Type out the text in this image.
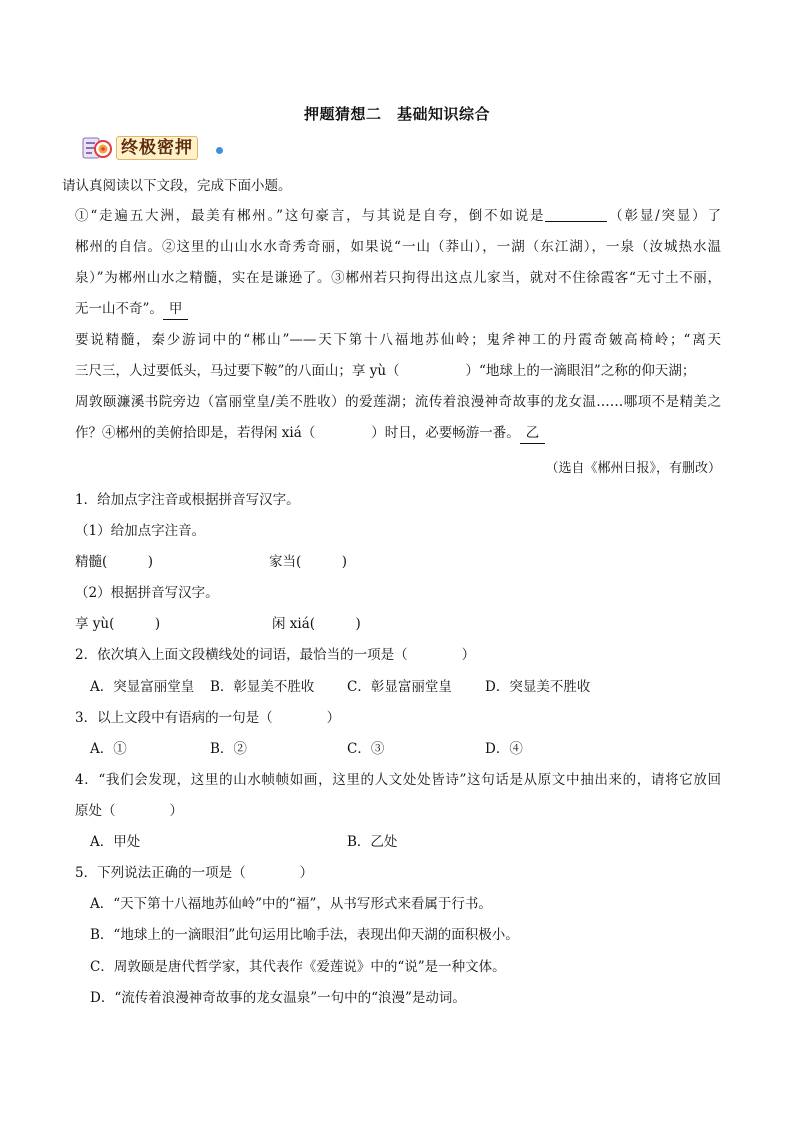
押题猜想二　基础知识综合
终极密押
请认真阅读以下文段，完成下面小题。
①“走遍五大洲，最美有郴州。”这句豪言，与其说是自夸，倒不如说是	（彰显/突显）了
郴州的自信。②这里的山山水水奇秀奇丽，如果说“一山（莽山），一湖（东江湖），一泉（汝城热水温
泉）”为郴州山水之精髓，实在是谦逊了。③郴州若只拘得出这点儿家当，就对不住徐霞客“无寸土不丽，
无一山不奇”。 甲
要说精髓，秦少游词中的“郴山”——天下第十八福地苏仙岭；鬼斧神工的丹霞奇皴高椅岭；“离天
三尺三，人过要低头，马过要下鞍”的八面山；享 yù（	）“地球上的一滴眼泪”之称的仰天湖；
周敦颐濂溪书院旁边（富丽堂皇/美不胜收）的爱莲湖；流传着浪漫神奇故事的龙女温……哪项不是精美之
作？④郴州的美俯拾即是，若得闲 xiá（	）时日，必要畅游一番。 乙
（选自《郴州日报》，有删改）
1．给加点字注音或根据拼音写汉字。
（1）给加点字注音。
精髓(　　　)	家当(　　　)
（2）根据拼音写汉字。
享 yù(　　　)	闲 xiá(　　　)
2．依次填入上面文段横线处的词语，最恰当的一项是（　　　　）
A．突显富丽堂皇 B．彰显美不胜收 C．彰显富丽堂皇 D．突显美不胜收
3．以上文段中有语病的一句是（　　　　）
A．①	B．②	C．③	D．④
4．“我们会发现，这里的山水帧帧如画，这里的人文处处皆诗”这句话是从原文中抽出来的，请将它放回
原处（　　　　）
A．甲处	B．乙处
5．下列说法正确的一项是（　　　　）
A．“天下第十八福地苏仙岭”中的“福”，从书写形式来看属于行书。
B．“地球上的一滴眼泪”此句运用比喻手法，表现出仰天湖的面积极小。
C．周敦颐是唐代哲学家，其代表作《爱莲说》中的“说”是一种文体。
D．“流传着浪漫神奇故事的龙女温泉”一句中的“浪漫”是动词。
